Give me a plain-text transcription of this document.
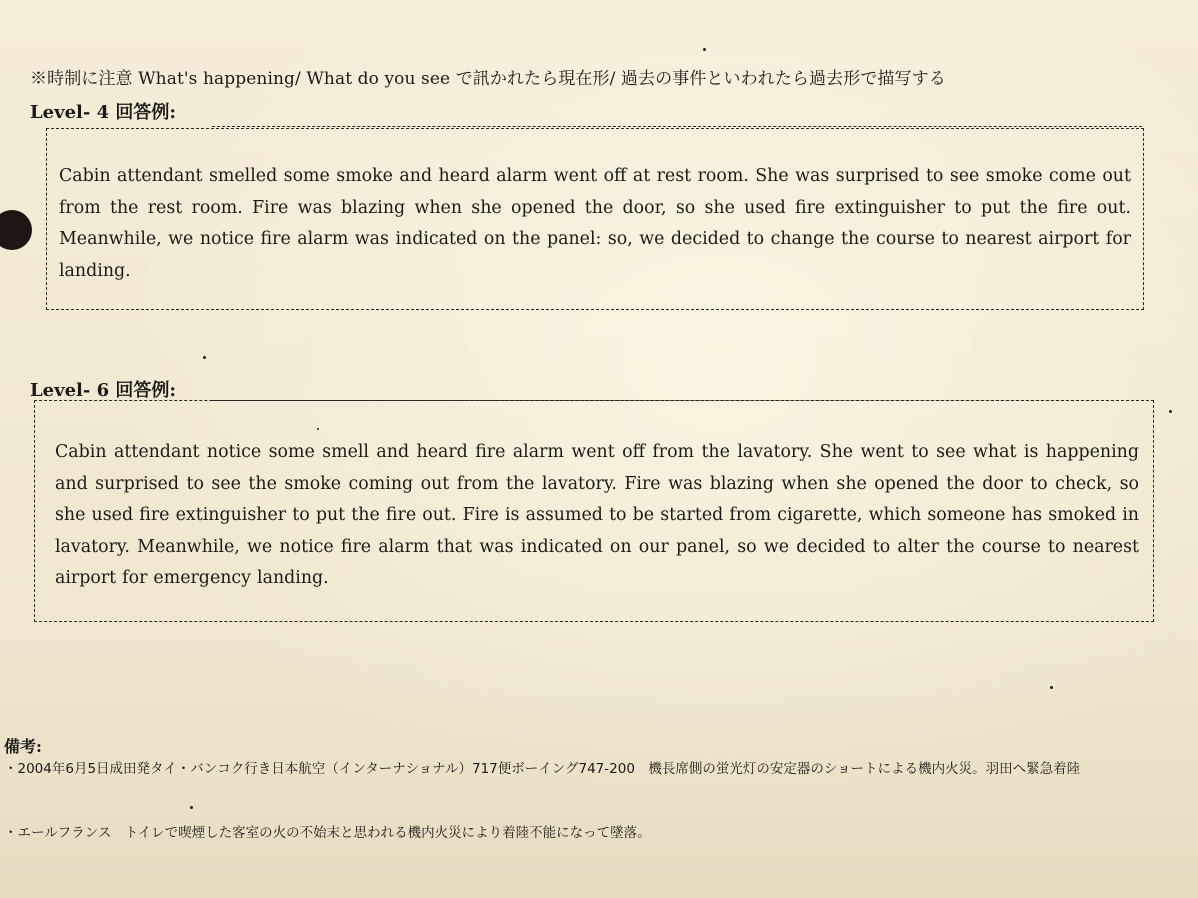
※時制に注意 What's happening/ What do you see で訊かれたら現在形/ 過去の事件といわれたら過去形で描写する
Level- 4 回答例:
Cabin attendant smelled some smoke and heard alarm went off at rest room. She was surprised to see smoke come out from the rest room. Fire was blazing when she opened the door, so she used fire extinguisher to put the fire out. Meanwhile, we notice fire alarm was indicated on the panel: so, we decided to change the course to nearest airport for landing.
Level- 6 回答例:
Cabin attendant notice some smell and heard fire alarm went off from the lavatory. She went to see what is happening and surprised to see the smoke coming out from the lavatory. Fire was blazing when she opened the door to check, so she used fire extinguisher to put the fire out. Fire is assumed to be started from cigarette, which someone has smoked in lavatory. Meanwhile, we notice fire alarm that was indicated on our panel, so we decided to alter the course to nearest airport for emergency landing.
備考:
・2004年6月5日成田発タイ・バンコク行き日本航空（インターナショナル）717便ボーイング747-200　機長席側の蛍光灯の安定器のショートによる機内火災。羽田へ緊急着陸
・エールフランス　トイレで喫煙した客室の火の不始末と思われる機内火災により着陸不能になって墜落。
